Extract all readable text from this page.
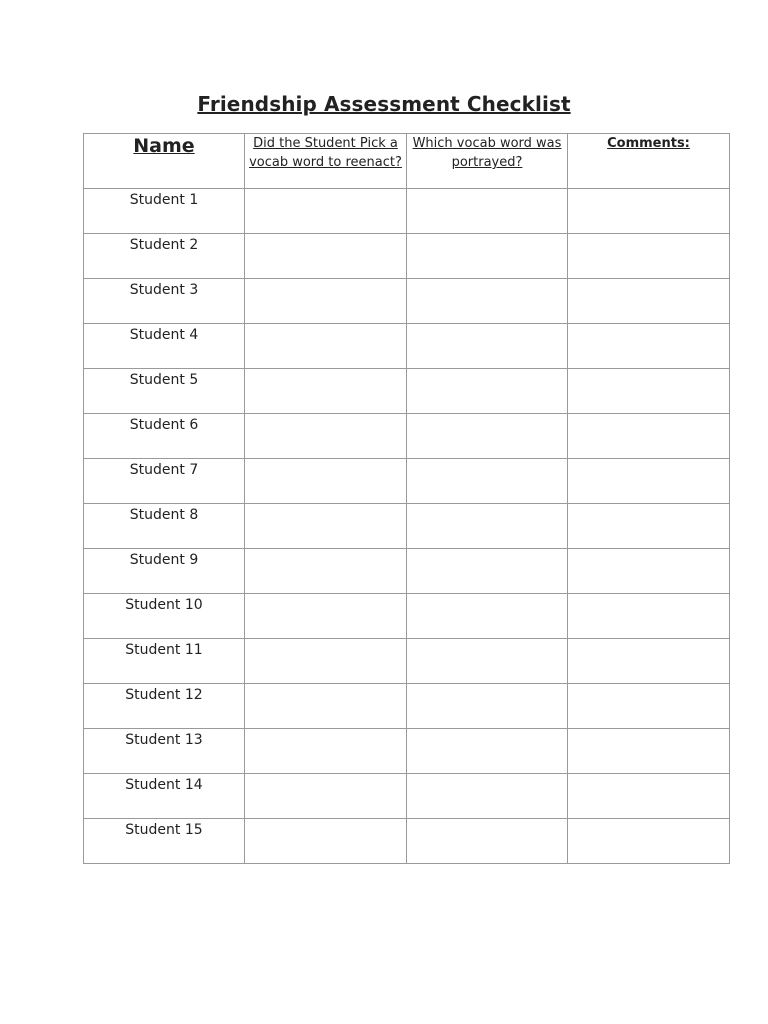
Friendship Assessment Checklist
Name	Did the Student Pick a vocab word to reenact?	Which vocab word was portrayed?	Comments:
Student 1			
Student 2			
Student 3			
Student 4			
Student 5			
Student 6			
Student 7			
Student 8			
Student 9			
Student 10			
Student 11			
Student 12			
Student 13			
Student 14			
Student 15			
